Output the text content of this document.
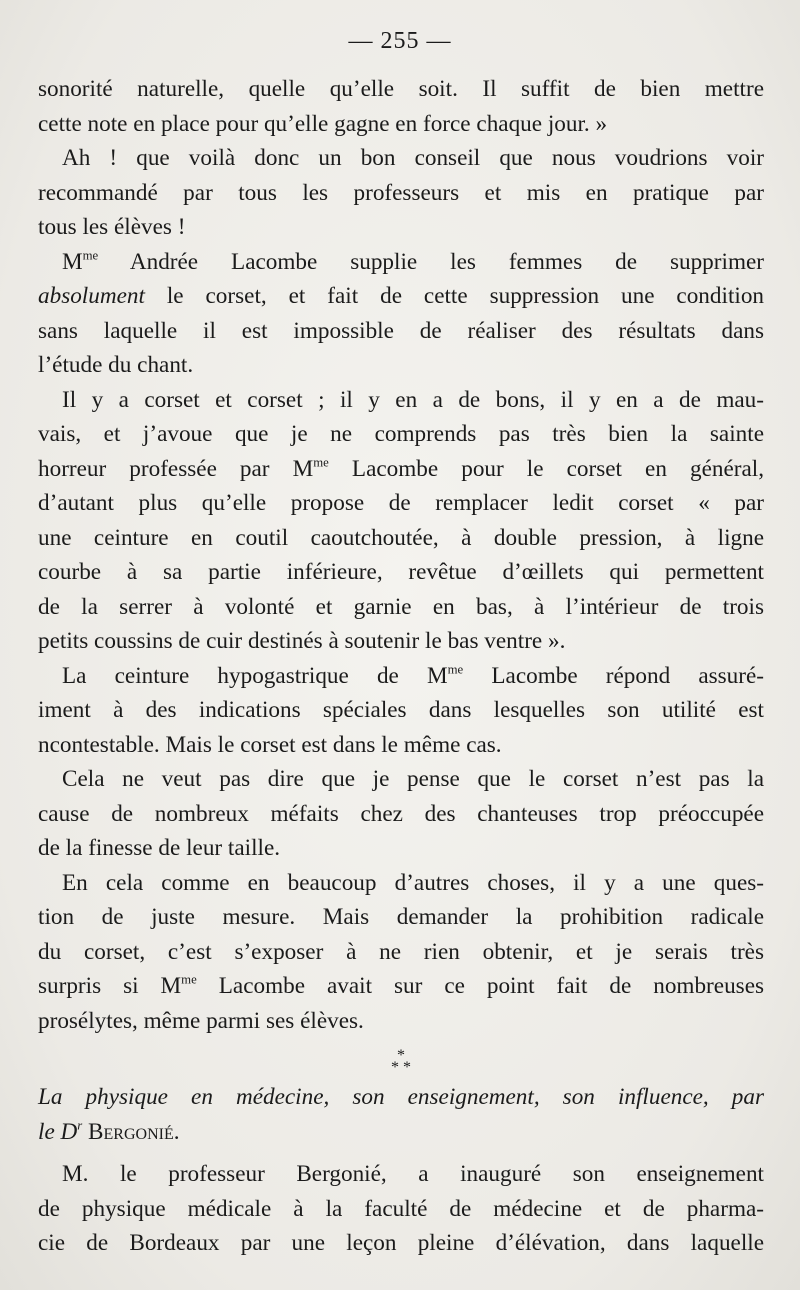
— 255 —
sonorité naturelle, quelle qu’elle soit. Il suffit de bien mettre
cette note en place pour qu’elle gagne en force chaque jour. »
Ah ! que voilà donc un bon conseil que nous voudrions voir
recommandé par tous les professeurs et mis en pratique par
tous les élèves !
$M^{me}$ Andrée Lacombe supplie les femmes de supprimer
absolument le corset, et fait de cette suppression une condition
sans laquelle il est impossible de réaliser des résultats dans
l’étude du chant.
Il y a corset et corset ; il y en a de bons, il y en a de mau-
vais, et j’avoue que je ne comprends pas très bien la sainte
horreur professée par $M^{me}$ Lacombe pour le corset en général,
d’autant plus qu’elle propose de remplacer ledit corset « par
une ceinture en coutil caoutchoutée, à double pression, à ligne
courbe à sa partie inférieure, revêtue d’œillets qui permettent
de la serrer à volonté et garnie en bas, à l’intérieur de trois
petits coussins de cuir destinés à soutenir le bas ventre ».
La ceinture hypogastrique de $M^{me}$ Lacombe répond assuré-
iment à des indications spéciales dans lesquelles son utilité est
ncontestable. Mais le corset est dans le même cas.
Cela ne veut pas dire que je pense que le corset n’est pas la
cause de nombreux méfaits chez des chanteuses trop préoccupée
de la finesse de leur taille.
En cela comme en beaucoup d’autres choses, il y a une ques-
tion de juste mesure. Mais demander la prohibition radicale
du corset, c’est s’exposer à ne rien obtenir, et je serais très
surpris si $M^{me}$ Lacombe avait sur ce point fait de nombreuses
prosélytes, même parmi ses élèves.
*
* *
La physique en médecine, son enseignement, son influence, par
le $D^r$ Bergonié.
M. le professeur Bergonié, a inauguré son enseignement
de physique médicale à la faculté de médecine et de pharma-
cie de Bordeaux par une leçon pleine d’élévation, dans laquelle
